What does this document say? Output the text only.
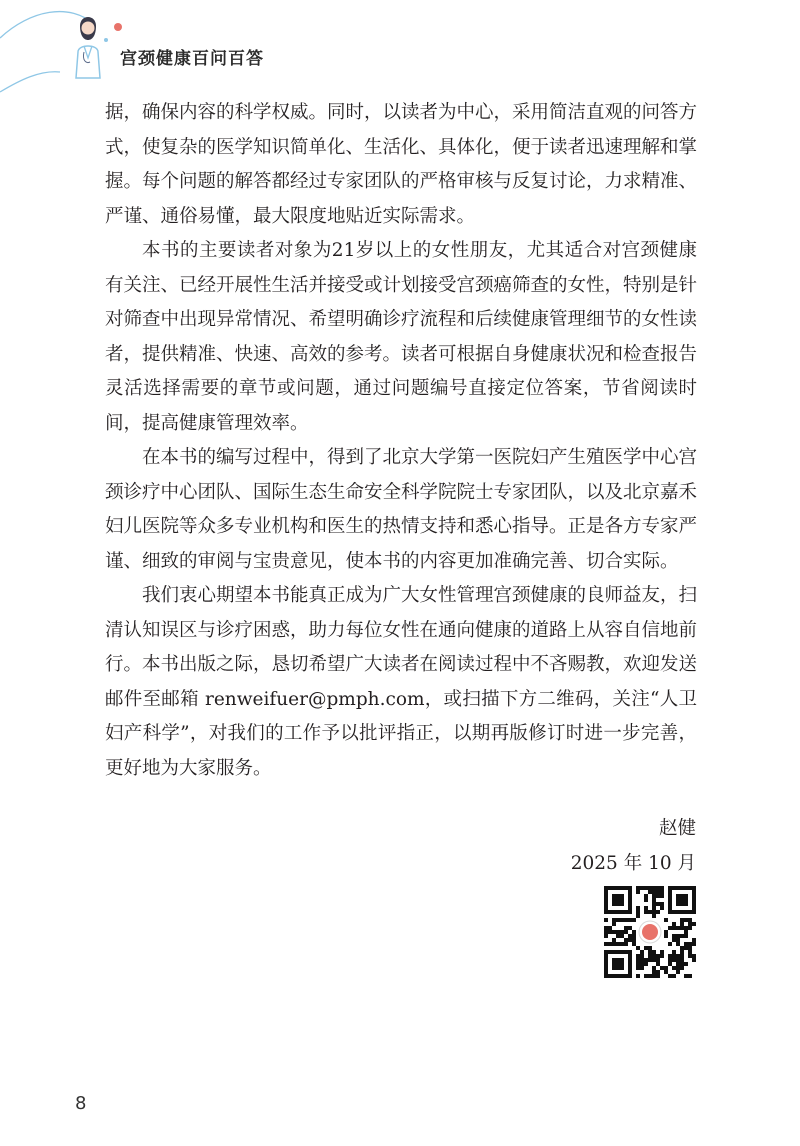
宫颈健康百问百答

据，确保内容的科学权威。同时，以读者为中心，采用简洁直观的问答方式，使复杂的医学知识简单化、生活化、具体化，便于读者迅速理解和掌握。每个问题的解答都经过专家团队的严格审核与反复讨论，力求精准、严谨、通俗易懂，最大限度地贴近实际需求。

本书的主要读者对象为21岁以上的女性朋友，尤其适合对宫颈健康有关注、已经开展性生活并接受或计划接受宫颈癌筛查的女性，特别是针对筛查中出现异常情况、希望明确诊疗流程和后续健康管理细节的女性读者，提供精准、快速、高效的参考。读者可根据自身健康状况和检查报告灵活选择需要的章节或问题，通过问题编号直接定位答案，节省阅读时间，提高健康管理效率。

在本书的编写过程中，得到了北京大学第一医院妇产生殖医学中心宫颈诊疗中心团队、国际生态生命安全科学院院士专家团队，以及北京嘉禾妇儿医院等众多专业机构和医生的热情支持和悉心指导。正是各方专家严谨、细致的审阅与宝贵意见，使本书的内容更加准确完善、切合实际。

我们衷心期望本书能真正成为广大女性管理宫颈健康的良师益友，扫清认知误区与诊疗困惑，助力每位女性在通向健康的道路上从容自信地前行。本书出版之际，恳切希望广大读者在阅读过程中不吝赐教，欢迎发送邮件至邮箱 renweifuer@pmph.com，或扫描下方二维码，关注“人卫妇产科学”，对我们的工作予以批评指正，以期再版修订时进一步完善，更好地为大家服务。

赵健
2025 年 10 月
8
